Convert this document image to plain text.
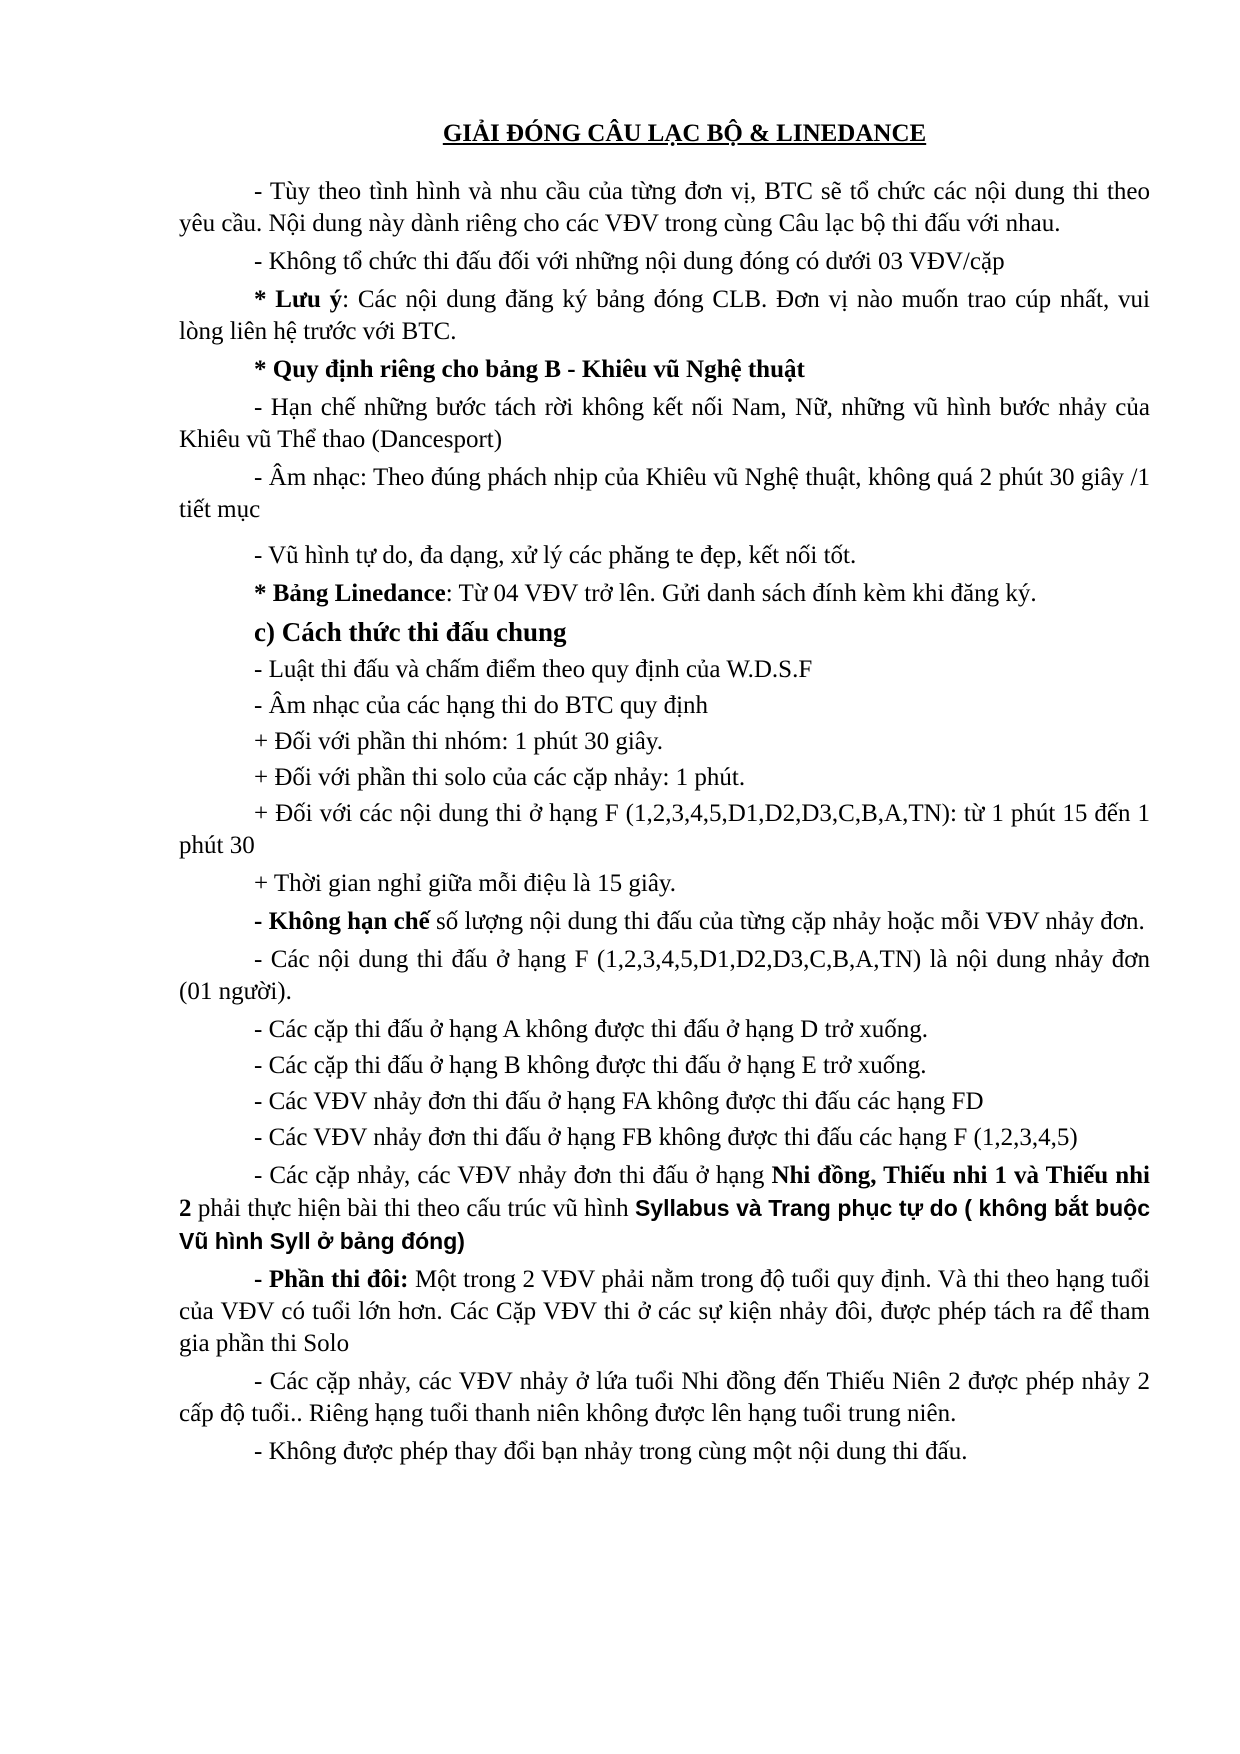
GIẢI ĐÓNG CÂU LẠC BỘ & LINEDANCE

- Tùy theo tình hình và nhu cầu của từng đơn vị, BTC sẽ tổ chức các nội dung thi theo yêu cầu. Nội dung này dành riêng cho các VĐV trong cùng Câu lạc bộ thi đấu với nhau.

- Không tổ chức thi đấu đối với những nội dung đóng có dưới 03 VĐV/cặp

* Lưu ý: Các nội dung đăng ký bảng đóng CLB. Đơn vị nào muốn trao cúp nhất, vui lòng liên hệ trước với BTC.

* Quy định riêng cho bảng B - Khiêu vũ Nghệ thuật

- Hạn chế những bước tách rời không kết nối Nam, Nữ, những vũ hình bước nhảy của Khiêu vũ Thể thao (Dancesport)

- Âm nhạc: Theo đúng phách nhịp của Khiêu vũ Nghệ thuật, không quá 2 phút 30 giây /1 tiết mục

- Vũ hình tự do, đa dạng, xử lý các phăng te đẹp, kết nối tốt.

* Bảng Linedance: Từ 04 VĐV trở lên. Gửi danh sách đính kèm khi đăng ký.

c) Cách thức thi đấu chung

- Luật thi đấu và chấm điểm theo quy định của W.D.S.F

- Âm nhạc của các hạng thi do BTC quy định

+ Đối với phần thi nhóm: 1 phút 30 giây.

+ Đối với phần thi solo của các cặp nhảy: 1 phút.

+ Đối với các nội dung thi ở hạng F (1,2,3,4,5,D1,D2,D3,C,B,A,TN): từ 1 phút 15 đến 1 phút 30

+ Thời gian nghỉ giữa mỗi điệu là 15 giây.

- Không hạn chế số lượng nội dung thi đấu của từng cặp nhảy hoặc mỗi VĐV nhảy đơn.

- Các nội dung thi đấu ở hạng F (1,2,3,4,5,D1,D2,D3,C,B,A,TN) là nội dung nhảy đơn (01 người).

- Các cặp thi đấu ở hạng A không được thi đấu ở hạng D trở xuống.

- Các cặp thi đấu ở hạng B không được thi đấu ở hạng E trở xuống.

- Các VĐV nhảy đơn thi đấu ở hạng FA không được thi đấu các hạng FD

- Các VĐV nhảy đơn thi đấu ở hạng FB không được thi đấu các hạng F (1,2,3,4,5)

- Các cặp nhảy, các VĐV nhảy đơn thi đấu ở hạng Nhi đồng, Thiếu nhi 1 và Thiếu nhi 2 phải thực hiện bài thi theo cấu trúc vũ hình Syllabus và Trang phục tự do ( không bắt buộc Vũ hình Syll ở bảng đóng)

- Phần thi đôi: Một trong 2 VĐV phải nằm trong độ tuổi quy định. Và thi theo hạng tuổi của VĐV có tuổi lớn hơn. Các Cặp VĐV thi ở các sự kiện nhảy đôi, được phép tách ra để tham gia phần thi Solo

- Các cặp nhảy, các VĐV nhảy ở lứa tuổi Nhi đồng đến Thiếu Niên 2 được phép nhảy 2 cấp độ tuổi.. Riêng hạng tuổi thanh niên không được lên hạng tuổi trung niên.

- Không được phép thay đổi bạn nhảy trong cùng một nội dung thi đấu.
